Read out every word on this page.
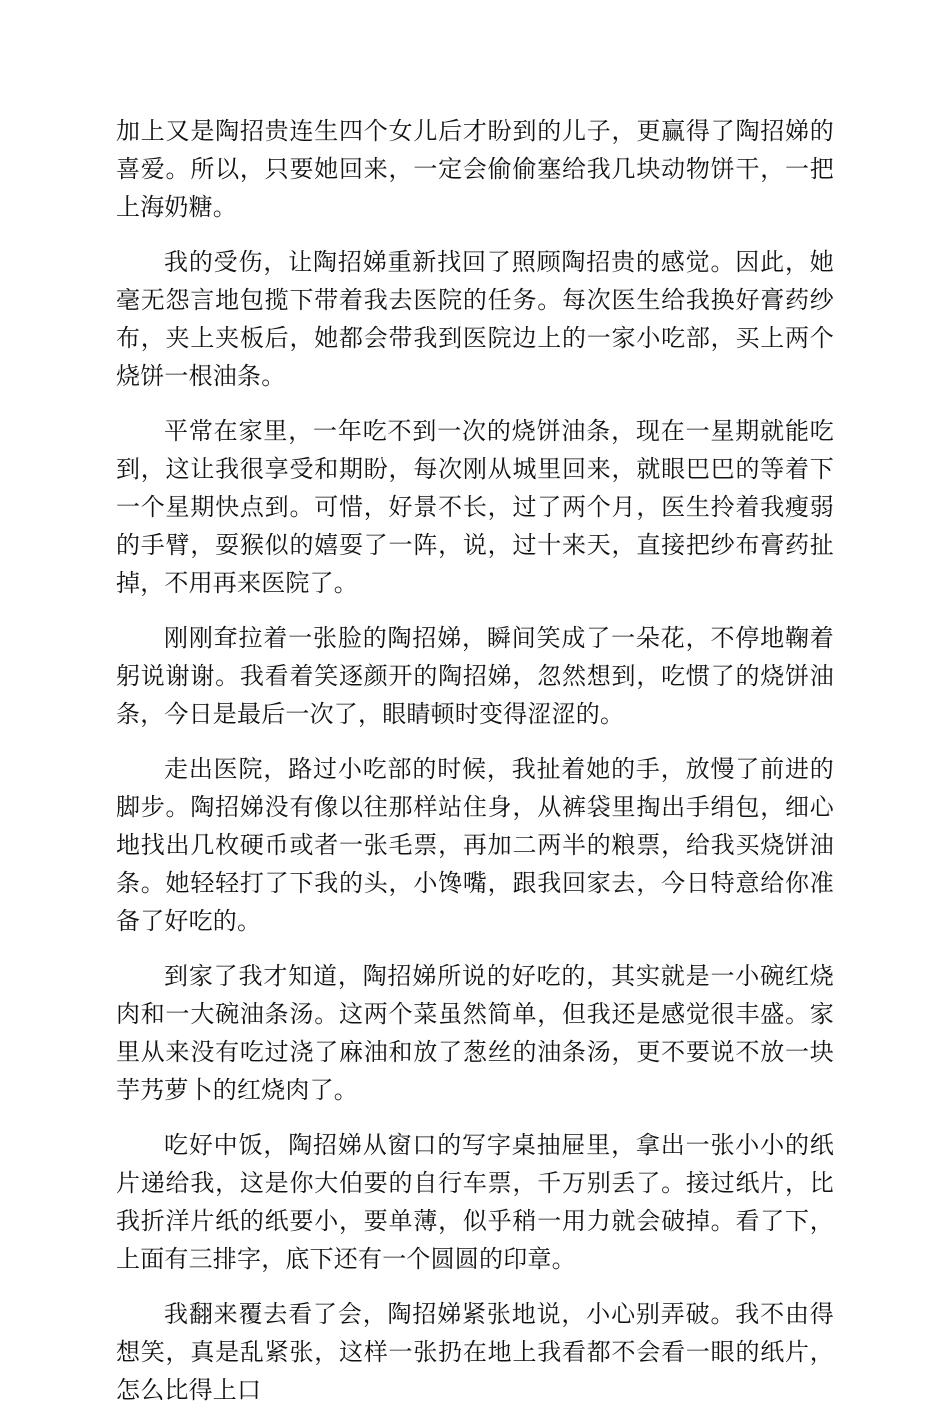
加上又是陶招贵连生四个女儿后才盼到的儿子，更赢得了陶招娣的喜爱。所以，只要她回来，一定会偷偷塞给我几块动物饼干，一把上海奶糖。

我的受伤，让陶招娣重新找回了照顾陶招贵的感觉。因此，她毫无怨言地包揽下带着我去医院的任务。每次医生给我换好膏药纱布，夹上夹板后，她都会带我到医院边上的一家小吃部，买上两个烧饼一根油条。

平常在家里，一年吃不到一次的烧饼油条，现在一星期就能吃到，这让我很享受和期盼，每次刚从城里回来，就眼巴巴的等着下一个星期快点到。可惜，好景不长，过了两个月，医生拎着我瘦弱的手臂，耍猴似的嬉耍了一阵，说，过十来天，直接把纱布膏药扯掉，不用再来医院了。

刚刚耷拉着一张脸的陶招娣，瞬间笑成了一朵花，不停地鞠着躬说谢谢。我看着笑逐颜开的陶招娣，忽然想到，吃惯了的烧饼油条，今日是最后一次了，眼睛顿时变得涩涩的。

走出医院，路过小吃部的时候，我扯着她的手，放慢了前进的脚步。陶招娣没有像以往那样站住身，从裤袋里掏出手绢包，细心地找出几枚硬币或者一张毛票，再加二两半的粮票，给我买烧饼油条。她轻轻打了下我的头，小馋嘴，跟我回家去，今日特意给你准备了好吃的。

到家了我才知道，陶招娣所说的好吃的，其实就是一小碗红烧肉和一大碗油条汤。这两个菜虽然简单，但我还是感觉很丰盛。家里从来没有吃过浇了麻油和放了葱丝的油条汤，更不要说不放一块芋艿萝卜的红烧肉了。

吃好中饭，陶招娣从窗口的写字桌抽屉里，拿出一张小小的纸片递给我，这是你大伯要的自行车票，千万别丢了。接过纸片，比我折洋片纸的纸要小，要单薄，似乎稍一用力就会破掉。看了下，上面有三排字，底下还有一个圆圆的印章。

我翻来覆去看了会，陶招娣紧张地说，小心别弄破。我不由得想笑，真是乱紧张，这样一张扔在地上我看都不会看一眼的纸片，怎么比得上口
